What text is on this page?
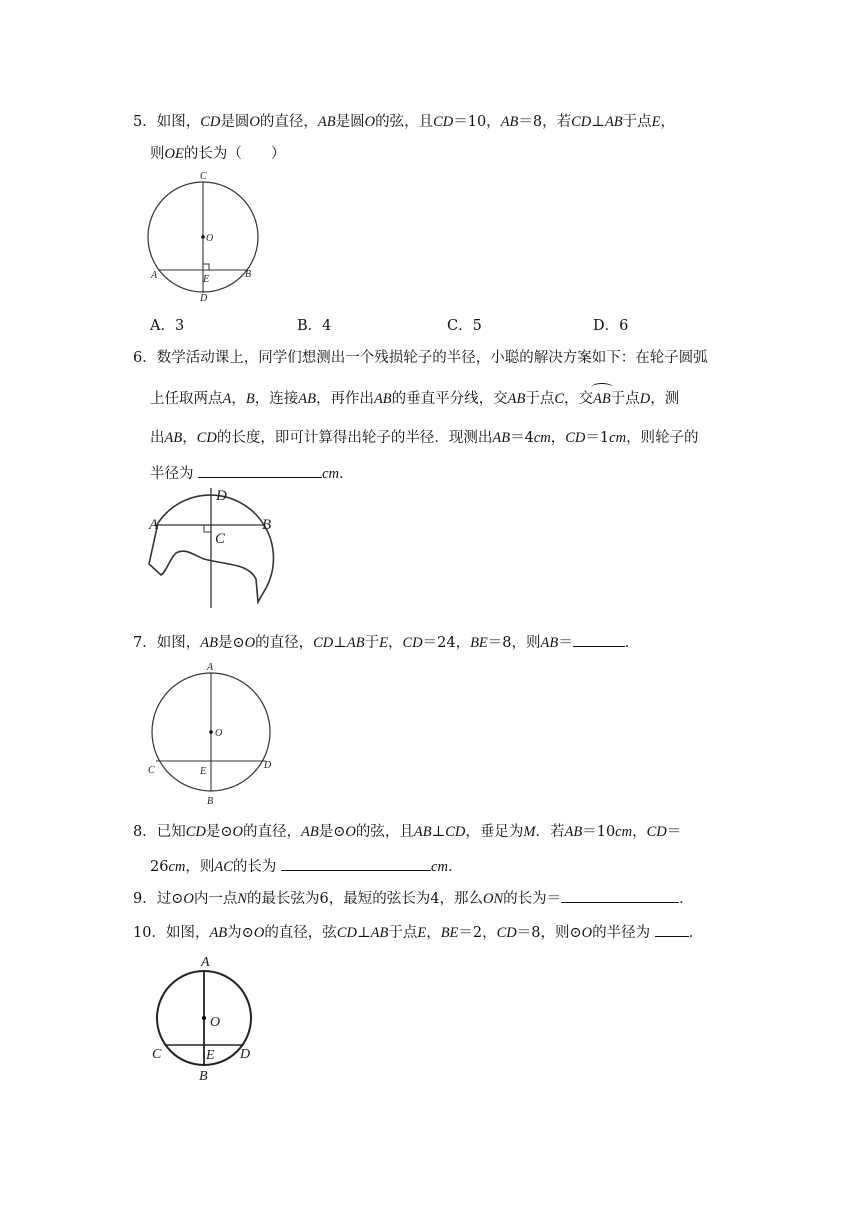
5．如图，CD是圆O的直径，AB是圆O的弦，且CD＝10，AB＝8，若CD⊥AB于点E，
则OE的长为（　　）
C
O
A	E	B
D
A．3	B．4	C．5	D．6
6．数学活动课上，同学们想测出一个残损轮子的半径，小聪的解决方案如下：在轮子圆弧
上任取两点A，B，连接AB，再作出AB的垂直平分线，交AB于点C，交AB于点D，测
出AB，CD的长度，即可计算得出轮子的半径．现测出AB＝4cm，CD＝1cm，则轮子的
半径为	cm．
A	B
C
D
7．如图，AB是⊙O的直径，CD⊥AB于E，CD＝24，BE＝8，则AB＝	．
A
O
C	E
D
B
8．已知CD是⊙O的直径，AB是⊙O的弦，且AB⊥CD，垂足为M．若AB＝10cm，CD＝
26cm，则AC的长为	cm．
9．过⊙O内一点N的最长弦为6，最短的弦长为4，那么ON的长为＝	．
10．如图，AB为⊙O的直径，弦CD⊥AB于点E，BE＝2，CD＝8，则⊙O的半径为	．
A
O
C	E D
B
